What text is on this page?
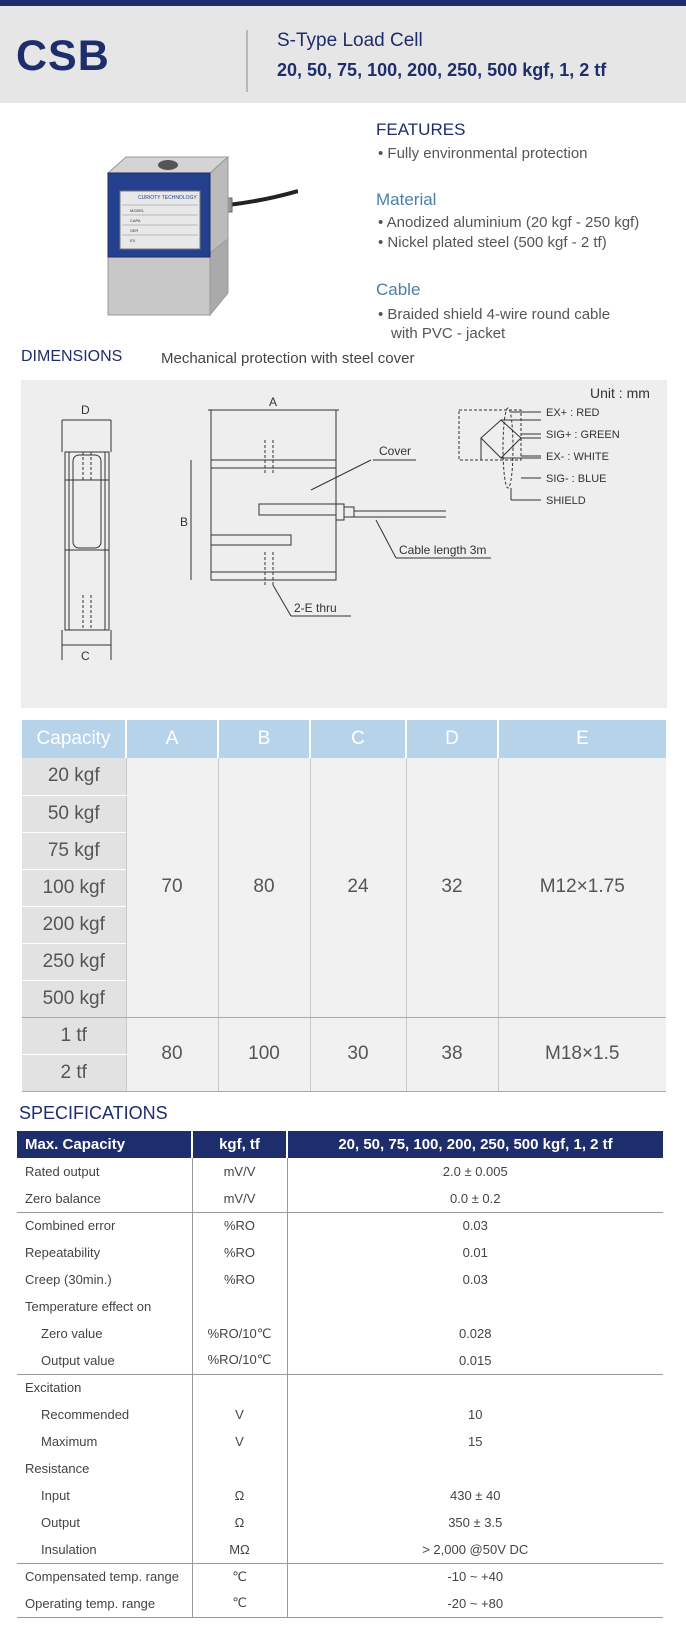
CSB	S-Type Load Cell
20, 50, 75, 100, 200, 250, 500 kgf, 1, 2 tf
CURIOTY TECHNOLOGY
MODEL
CAPA
SER
EX
FEATURES
• Fully environmental protection
Material
• Anodized aluminium (20 kgf - 250 kgf)
• Nickel plated steel (500 kgf - 2 tf)
Cable
• Braided shield 4-wire round cable
with PVC - jacket
DIMENSIONS	Mechanical protection with steel cover
D
C
A
B
Cover
Cable length 3m
2-E thru
EX+ : RED
SIG+ : GREEN
EX- : WHITE
SIG- : BLUE
SHIELD
Unit : mm
Capacity	A	B	C	D	E
20 kgf	70	80	24	32	M12×1.75
50 kgf					
75 kgf					
100 kgf					
200 kgf					
250 kgf					
500 kgf					
1 tf	80	100	30	38	M18×1.5
2 tf					
SPECIFICATIONS
Max. Capacity	kgf, tf	20, 50, 75, 100, 200, 250, 500 kgf, 1, 2 tf
Rated output	mV/V	2.0 ± 0.005
Zero balance	mV/V	0.0 ± 0.2
Combined error	%RO	0.03
Repeatability	%RO	0.01
Creep (30min.)	%RO	0.03
Temperature effect on		
Zero value	%RO/10℃	0.028
Output value	%RO/10℃	0.015
Excitation		
Recommended	V	10
Maximum	V	15
Resistance		
Input	Ω	430 ± 40
Output	Ω	350 ± 3.5
Insulation	MΩ	> 2,000 @50V DC
Compensated temp. range	℃	-10 ~ +40
Operating temp. range	℃	-20 ~ +80
